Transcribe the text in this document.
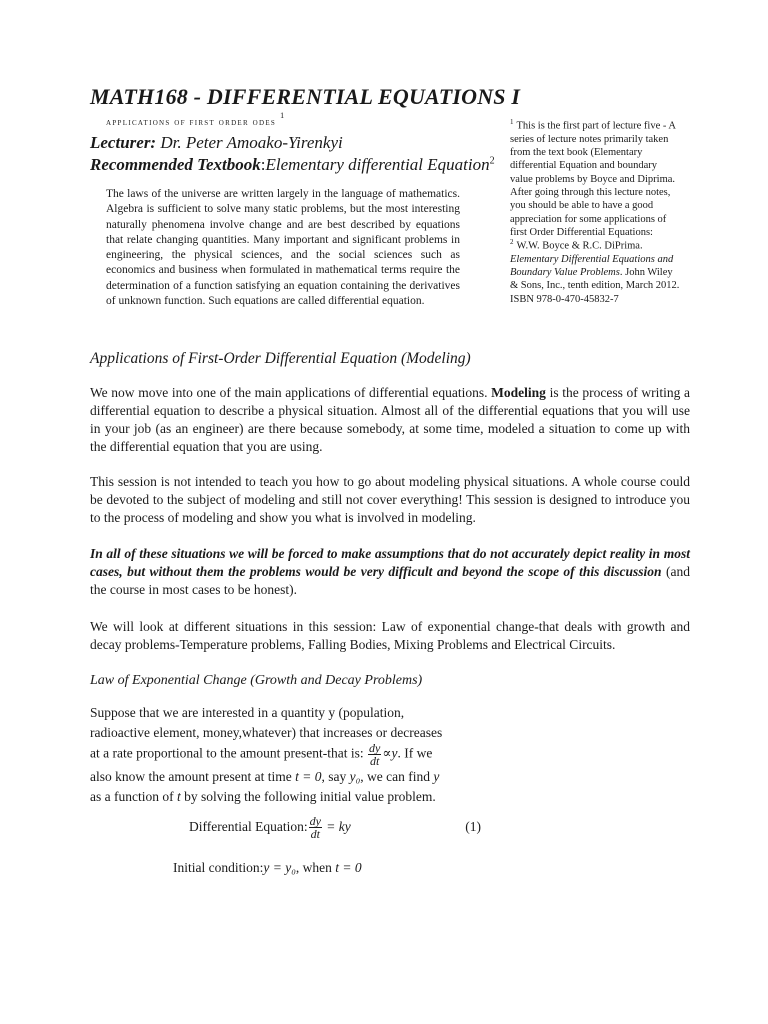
MATH168 - DIFFERENTIAL EQUATIONS I
applications of first order odes$^1$
Lecturer: Dr. Peter Amoako-Yirenkyi
Recommended Textbook:Elementary differential Equation$^2$

The laws of the universe are written largely in the language of mathematics. Algebra is sufficient to solve many static problems, but the most interesting naturally phenomena involve change and are best described by equations that relate changing quantities. Many important and significant problems in engineering, the physical sciences, and the social sciences such as economics and business when formulated in mathematical terms require the determination of a function satisfying an equation containing the derivatives of unknown function. Such equations are called differential equation.

$^1$ This is the first part of lecture five - A series of lecture notes primarily taken from the text book (Elementary differential Equation and boundary value problems by Boyce and Diprima. After going through this lecture notes, you should be able to have a good appreciation for some applications of first Order Differential Equations:

$^2$ W.W. Boyce & R.C. DiPrima. Elementary Differential Equations and Boundary Value Problems. John Wiley & Sons, Inc., tenth edition, March 2012. ISBN 978-0-470-45832-7

Applications of First-Order Differential Equation (Modeling)

We now move into one of the main applications of differential equations. Modeling is the process of writing a differential equation to describe a physical situation. Almost all of the differential equations that you will use in your job (as an engineer) are there because somebody, at some time, modeled a situation to come up with the differential equation that you are using.

This session is not intended to teach you how to go about modeling physical situations. A whole course could be devoted to the subject of modeling and still not cover everything! This session is designed to introduce you to the process of modeling and show you what is involved in modeling.

In all of these situations we will be forced to make assumptions that do not accurately depict reality in most cases, but without them the problems would be very difficult and beyond the scope of this discussion (and the course in most cases to be honest).

We will look at different situations in this session: Law of exponential change-that deals with growth and decay problems-Temperature problems, Falling Bodies, Mixing Problems and Electrical Circuits.

Law of Exponential Change (Growth and Decay Problems)

Suppose that we are interested in a quantity y (population, radioactive element, money,whatever) that increases or decreases at a rate proportional to the amount present-that is: $\frac{dy}{dt} \propto y$. If we also know the amount present at time t = 0, say y₀, we can find y as a function of t by solving the following initial value problem.

Differential Equation: $\frac{dy}{dt}$ = ky	(1)
Initial condition:y = y₀, when t = 0
